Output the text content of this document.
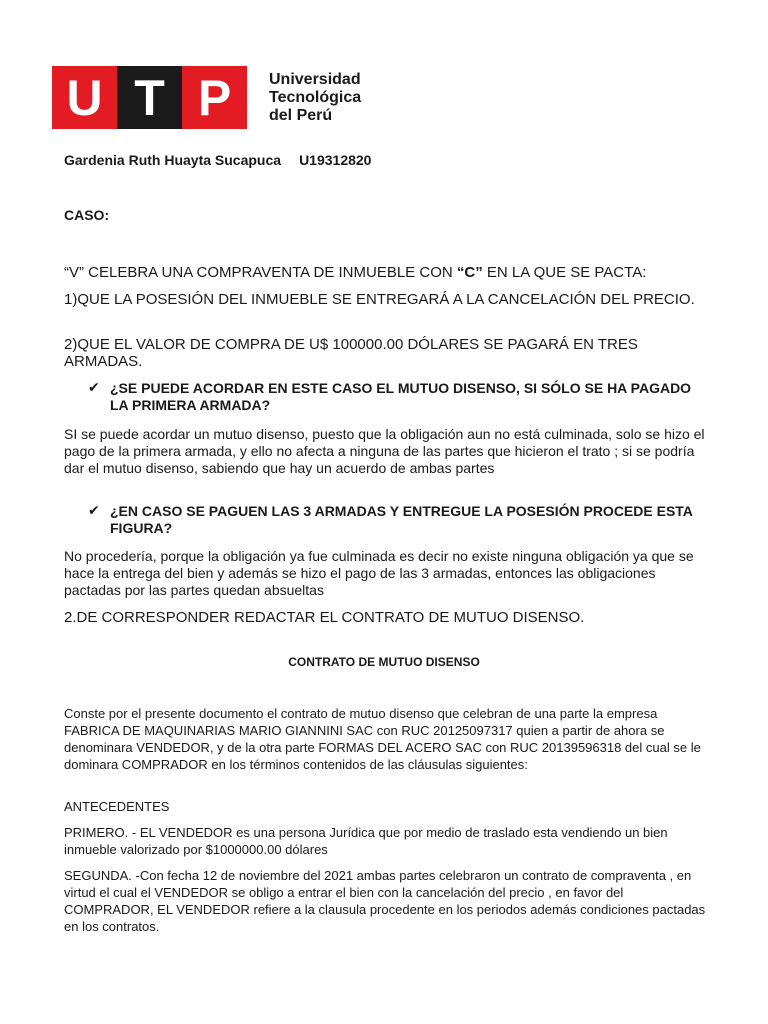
U T P	Universidad
Tecnológica
del Perú
Gardenia Ruth Huayta Sucapuca U19312820
CASO:
“V” CELEBRA UNA COMPRAVENTA DE INMUEBLE CON “C” EN LA QUE SE PACTA:
1)QUE LA POSESIÓN DEL INMUEBLE SE ENTREGARÁ A LA CANCELACIÓN DEL PRECIO.
2)QUE EL VALOR DE COMPRA DE U$ 100000.00 DÓLARES SE PAGARÁ EN TRES ARMADAS.
✔ ¿SE PUEDE ACORDAR EN ESTE CASO EL MUTUO DISENSO, SI SÓLO SE HA PAGADO LA PRIMERA ARMADA?
SI se puede acordar un mutuo disenso, puesto que la obligación aun no está culminada, solo se hizo el pago de la primera armada, y ello no afecta a ninguna de las partes que hicieron el trato ; si se podría dar el mutuo disenso, sabiendo que hay un acuerdo de ambas partes
✔ ¿EN CASO SE PAGUEN LAS 3 ARMADAS Y ENTREGUE LA POSESIÓN PROCEDE ESTA FIGURA?
No procedería, porque la obligación ya fue culminada es decir no existe ninguna obligación ya que se hace la entrega del bien y además se hizo el pago de las 3 armadas, entonces las obligaciones pactadas por las partes quedan absueltas
2.DE CORRESPONDER REDACTAR EL CONTRATO DE MUTUO DISENSO.
CONTRATO DE MUTUO DISENSO
Conste por el presente documento el contrato de mutuo disenso que celebran de una parte la empresa FABRICA DE MAQUINARIAS MARIO GIANNINI SAC con RUC 20125097317 quien a partir de ahora se denominara VENDEDOR, y de la otra parte FORMAS DEL ACERO SAC con RUC 20139596318 del cual se le dominara COMPRADOR en los términos contenidos de las cláusulas siguientes:
ANTECEDENTES
PRIMERO. - EL VENDEDOR es una persona Jurídica que por medio de traslado esta vendiendo un bien inmueble valorizado por $1000000.00 dólares
SEGUNDA. -Con fecha 12 de noviembre del 2021 ambas partes celebraron un contrato de compraventa , en virtud el cual el VENDEDOR se obligo a entrar el bien con la cancelación del precio , en favor del COMPRADOR, EL VENDEDOR refiere a la clausula procedente en los periodos además condiciones pactadas en los contratos.
